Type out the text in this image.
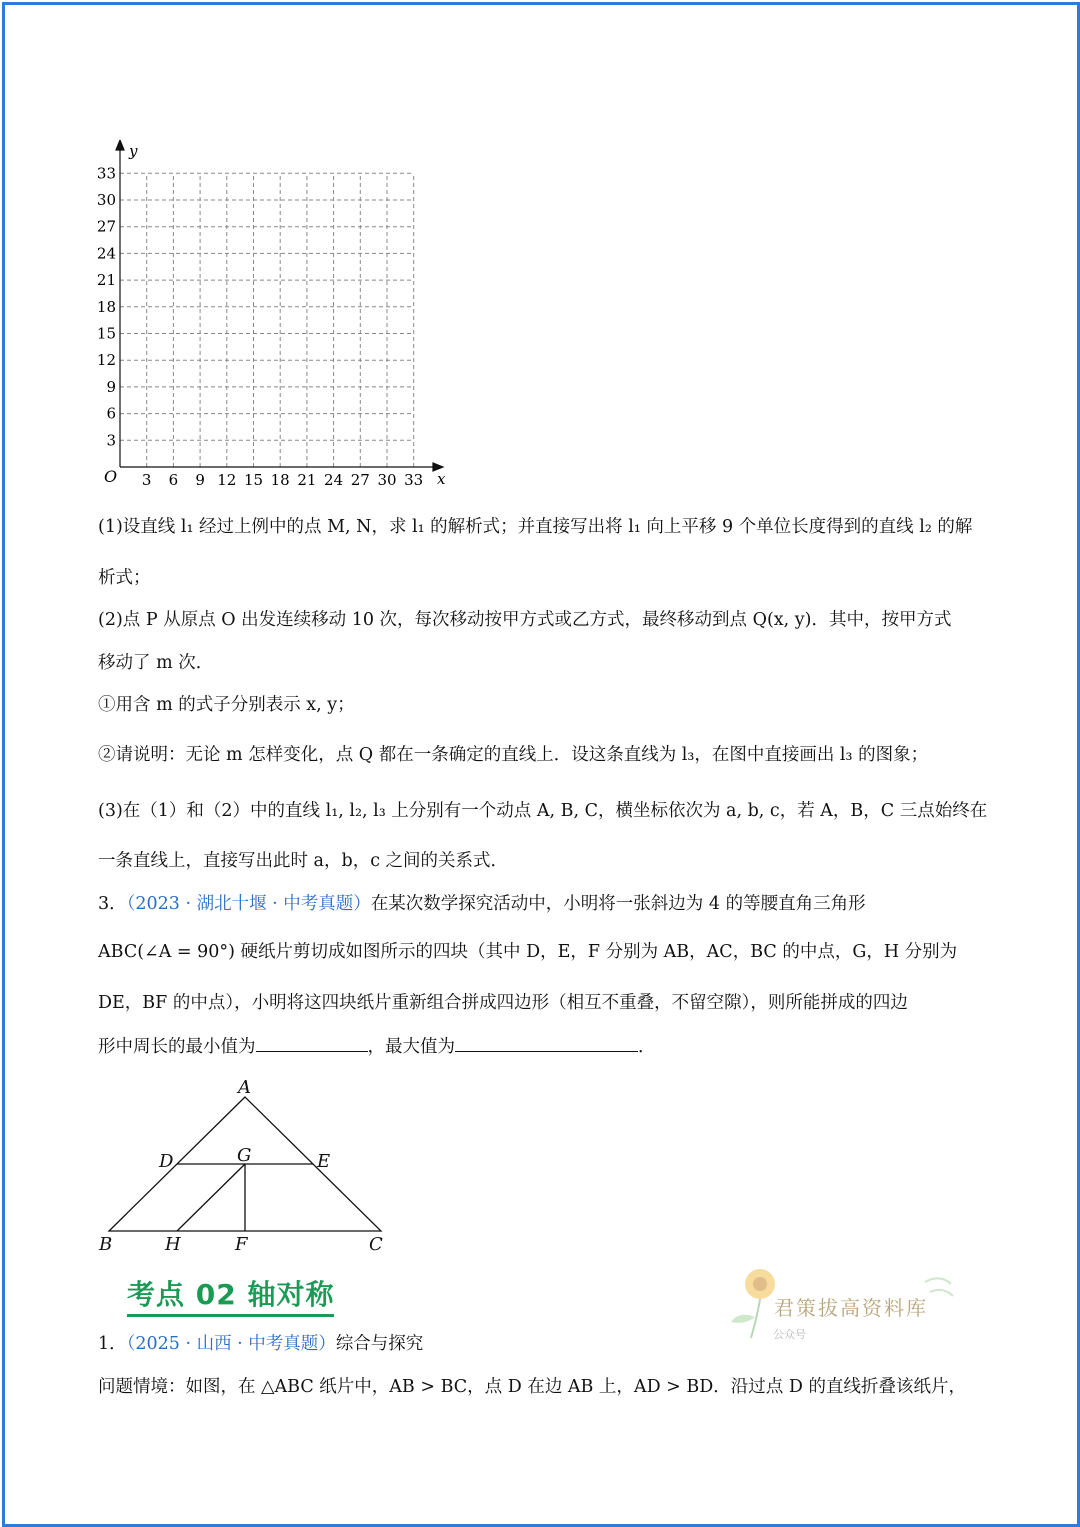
y
x
O 3 6 9 12 15 18 21 24 27 30 33
3
6
9
12
15
18
21
24
27
30
33
(1)设直线 l₁ 经过上例中的点 M, N，求 l₁ 的解析式；并直接写出将 l₁ 向上平移 9 个单位长度得到的直线 l₂ 的解
析式；
(2)点 P 从原点 O 出发连续移动 10 次，每次移动按甲方式或乙方式，最终移动到点 Q(x, y)．其中，按甲方式
移动了 m 次．
①用含 m 的式子分别表示 x, y；
②请说明：无论 m 怎样变化，点 Q 都在一条确定的直线上．设这条直线为 l₃，在图中直接画出 l₃ 的图象；
(3)在（1）和（2）中的直线 l₁, l₂, l₃ 上分别有一个动点 A, B, C，横坐标依次为 a, b, c，若 A，B，C 三点始终在
一条直线上，直接写出此时 a，b，c 之间的关系式．
3．（2023 · 湖北十堰 · 中考真题）在某次数学探究活动中，小明将一张斜边为 4 的等腰直角三角形
ABC(∠A = 90°) 硬纸片剪切成如图所示的四块（其中 D，E，F 分别为 AB，AC，BC 的中点，G，H 分别为
DE，BF 的中点），小明将这四块纸片重新组合拼成四边形（相互不重叠，不留空隙），则所能拼成的四边
形中周长的最小值为	，最大值为	．
A
D	G	E
B	H	F	C
考点 02 轴对称	君策拔高资料库
公众号
1．（2025 · 山西 · 中考真题）综合与探究
问题情境：如图，在 △ABC 纸片中，AB > BC，点 D 在边 AB 上，AD > BD．沿过点 D 的直线折叠该纸片，
